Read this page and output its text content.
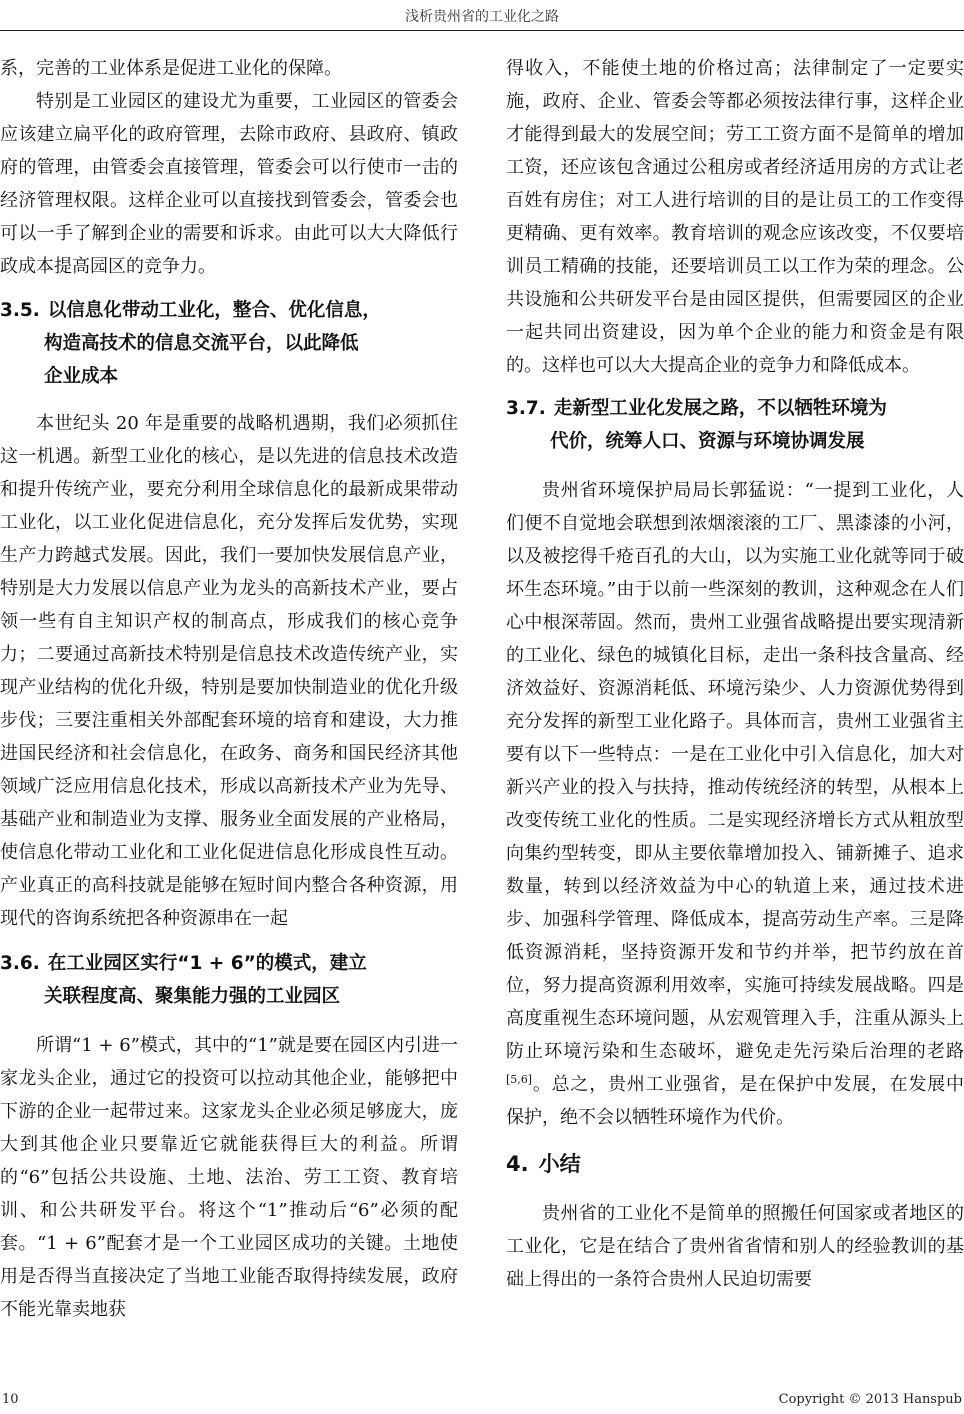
浅析贵州省的工业化之路

系，完善的工业体系是促进工业化的保障。

特别是工业园区的建设尤为重要，工业园区的管委会应该建立扁平化的政府管理，去除市政府、县政府、镇政府的管理，由管委会直接管理，管委会可以行使市一击的经济管理权限。这样企业可以直接找到管委会，管委会也可以一手了解到企业的需要和诉求。由此可以大大降低行政成本提高园区的竞争力。

3.5. 以信息化带动工业化，整合、优化信息，
构造高技术的信息交流平台，以此降低
企业成本

本世纪头 20 年是重要的战略机遇期，我们必须抓住这一机遇。新型工业化的核心，是以先进的信息技术改造和提升传统产业，要充分利用全球信息化的最新成果带动工业化，以工业化促进信息化，充分发挥后发优势，实现生产力跨越式发展。因此，我们一要加快发展信息产业，特别是大力发展以信息产业为龙头的高新技术产业，要占领一些有自主知识产权的制高点，形成我们的核心竞争力；二要通过高新技术特别是信息技术改造传统产业，实现产业结构的优化升级，特别是要加快制造业的优化升级步伐；三要注重相关外部配套环境的培育和建设，大力推进国民经济和社会信息化，在政务、商务和国民经济其他领域广泛应用信息化技术，形成以高新技术产业为先导、基础产业和制造业为支撑、服务业全面发展的产业格局，使信息化带动工业化和工业化促进信息化形成良性互动。产业真正的高科技就是能够在短时间内整合各种资源，用现代的咨询系统把各种资源串在一起

3.6. 在工业园区实行“1 + 6”的模式，建立
关联程度高、聚集能力强的工业园区

所谓“1 + 6”模式，其中的“1”就是要在园区内引进一家龙头企业，通过它的投资可以拉动其他企业，能够把中下游的企业一起带过来。这家龙头企业必须足够庞大，庞大到其他企业只要靠近它就能获得巨大的利益。所谓的“6”包括公共设施、土地、法治、劳工工资、教育培训、和公共研发平台。将这个“1”推动后“6”必须的配套。“1 + 6”配套才是一个工业园区成功的关键。土地使用是否得当直接决定了当地工业能否取得持续发展，政府不能光靠卖地获

得收入，不能使土地的价格过高；法律制定了一定要实施，政府、企业、管委会等都必须按法律行事，这样企业才能得到最大的发展空间；劳工工资方面不是简单的增加工资，还应该包含通过公租房或者经济适用房的方式让老百姓有房住；对工人进行培训的目的是让员工的工作变得更精确、更有效率。教育培训的观念应该改变，不仅要培训员工精确的技能，还要培训员工以工作为荣的理念。公共设施和公共研发平台是由园区提供，但需要园区的企业一起共同出资建设，因为单个企业的能力和资金是有限的。这样也可以大大提高企业的竞争力和降低成本。

3.7. 走新型工业化发展之路，不以牺牲环境为
代价，统筹人口、资源与环境协调发展

贵州省环境保护局局长郭猛说：“一提到工业化，人们便不自觉地会联想到浓烟滚滚的工厂、黑漆漆的小河，以及被挖得千疮百孔的大山，以为实施工业化就等同于破坏生态环境。”由于以前一些深刻的教训，这种观念在人们心中根深蒂固。然而，贵州工业强省战略提出要实现清新的工业化、绿色的城镇化目标，走出一条科技含量高、经济效益好、资源消耗低、环境污染少、人力资源优势得到充分发挥的新型工业化路子。具体而言，贵州工业强省主要有以下一些特点：一是在工业化中引入信息化，加大对新兴产业的投入与扶持，推动传统经济的转型，从根本上改变传统工业化的性质。二是实现经济增长方式从粗放型向集约型转变，即从主要依靠增加投入、铺新摊子、追求数量，转到以经济效益为中心的轨道上来，通过技术进步、加强科学管理、降低成本，提高劳动生产率。三是降低资源消耗，坚持资源开发和节约并举，把节约放在首位，努力提高资源利用效率，实施可持续发展战略。四是高度重视生态环境问题，从宏观管理入手，注重从源头上防止环境污染和生态破坏，避免走先污染后治理的老路[5,6]。总之，贵州工业强省，是在保护中发展，在发展中保护，绝不会以牺牲环境作为代价。

4. 小结

贵州省的工业化不是简单的照搬任何国家或者地区的工业化，它是在结合了贵州省省情和别人的经验教训的基础上得出的一条符合贵州人民迫切需要

10	Copyright © 2013 Hanspub
